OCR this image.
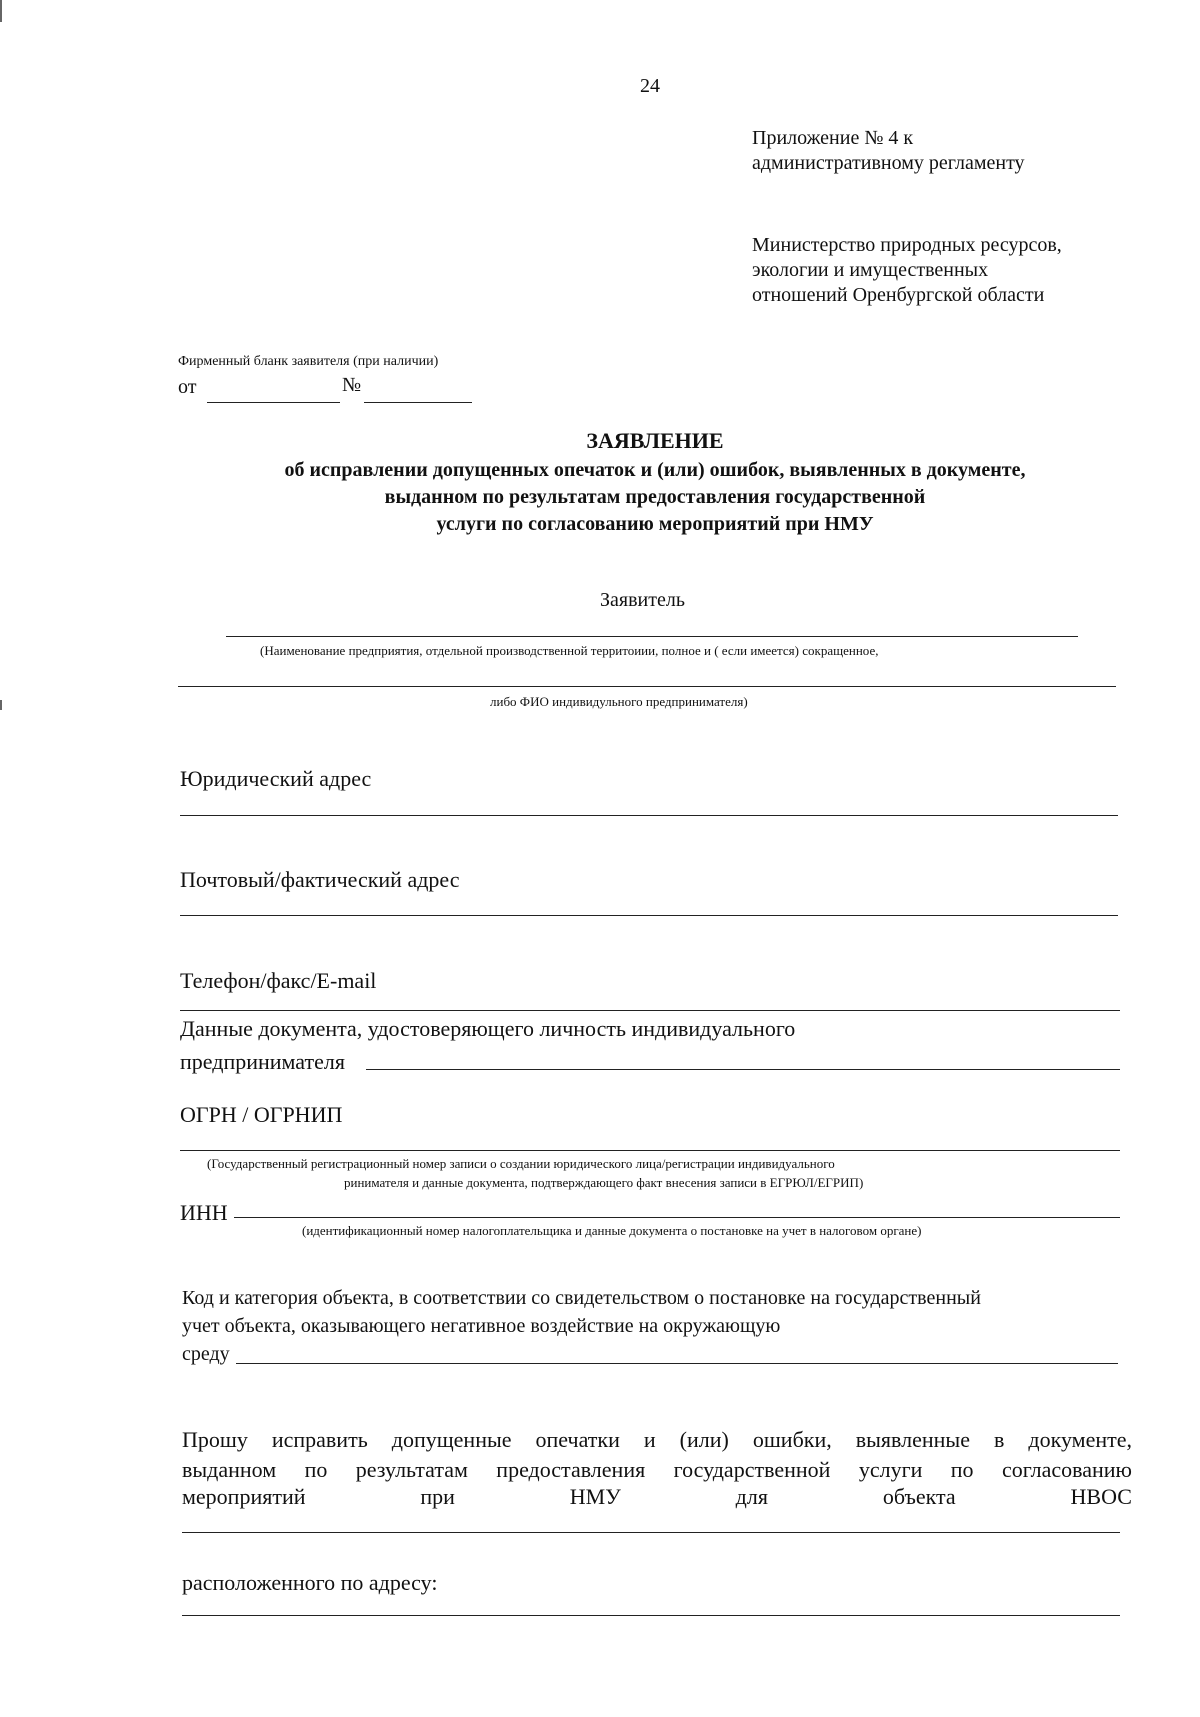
24
Приложение № 4 к
административному регламенту
Министерство природных ресурсов,
экологии и имущественных
отношений Оренбургской области
Фирменный бланк заявителя (при наличии)
от	№
ЗАЯВЛЕНИЕ
об исправлении допущенных опечаток и (или) ошибок, выявленных в документе,
выданном по результатам предоставления государственной
услуги по согласованию мероприятий при НМУ
Заявитель
(Наименование предприятия, отдельной производственной территоиии, полное и ( если имеется) сокращенное,
либо ФИО индивидульного предпринимателя)
Юридический адрес
Почтовый/фактический адрес
Телефон/факс/E-mail
Данные документа, удостоверяющего личность индивидуального
предпринимателя
ОГРН / ОГРНИП
(Государственный регистрационный номер записи о создании юридического лица/регистрации индивидуального
ринимателя и данные документа, подтверждающего факт внесения записи в ЕГРЮЛ/ЕГРИП)
ИНН
(идентификационный номер налогоплательщика и данные документа о постановке на учет в налоговом органе)
Код и категория объекта, в соответствии со свидетельством о постановке на государственный
учет объекта, оказывающего негативное воздействие на окружающую
среду
Прошу исправить допущенные опечатки и (или) ошибки, выявленные в документе,
выданном по результатам предоставления государственной услуги по согласованию
мероприятий	при	НМУ	для	объекта	НВОС
расположенного по адресу:
